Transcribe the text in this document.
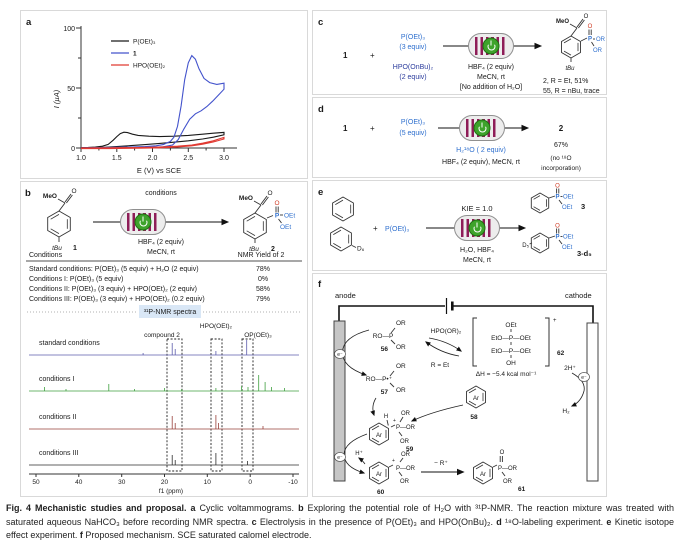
a
0
50
100
1.0	1.5	2.0	2.5	3.0
I (µA)
E (V) vs SCE
P(OEt)₃
1
HPO(OEt)₂
b	O
MeO
tBu 1
conditions
HBF₄ (2 equiv)
MeCN, rt
O
MeO
P
O
OEt
OEt
tBu 2
Conditions	NMR Yield of 2
Standard conditions: P(OEt)₃ (5 equiv) + H₂O (2 equiv)	78%
Conditions I: P(OEt)₃ (5 equiv)	0%
Conditions II: P(OEt)₃ (3 equiv) + HPO(OEt)₂ (2 equiv)	58%
Conditions III: P(OEt)₃ (3 equiv) + HPO(OEt)₂ (0.2 equiv)	79%
³¹P-NMR spectra
HPO(OEt)₂
compound 2	OP(OEt)₃
standard conditions
conditions I
conditions II
conditions III
50	40	30	20	10	0	-10
f1 (ppm)
c
1	+
P(OEt)₃
(3 equiv)
HPO(OnBu)₂
(2 equiv)
HBF₄ (2 equiv)
MeCN, rt
[No addition of H₂O]
O
MeO
P
O
OR
OR
tBu
2, R = Et, 51%
55, R = nBu, trace
d
1	+
P(OEt)₃
(5 equiv)
H₂¹⁸O ( 2 equiv)
HBF₄ (2 equiv), MeCN, rt
2
67%
(no ¹⁸O
incorporation)
e
D₆
+ P(OEt)₃
KIE = 1.0
H₂O, HBF₄
MeCN, rt
P
O
OEt
OEt 3
D₅
P
O
OEt
OEt
3-d₅
f
anode	cathode
OR
RO—P
OR
56
e⁻
OR
RO—P•⁺
OR
57
HPO(OR)₂
R = Et
+
OEt
EtO—P—OEt
EtO—P—OEt
OH
62
ΔH = −5.4 kcal mol⁻¹
2H⁺
e⁻
H₂
Ar
58
Ar
H
+
OR
P—OR
OR
59
e⁻
H⁺
Ar
+
OR
P—OR
OR
60
− R⁺
Ar
O
P—OR
OR
61
Fig. 4 Mechanistic studies and proposal. a Cyclic voltammograms. b Exploring the potential role of H₂O with ³¹P-NMR. The reaction mixture was treated with saturated aqueous NaHCO₃ before recording NMR spectra. c Electrolysis in the presence of P(OEt)₃ and HPO(OnBu)₂. d ¹⁸O-labeling experiment. e Kinetic isotope effect experiment. f Proposed mechanism. SCE saturated calomel electrode.
